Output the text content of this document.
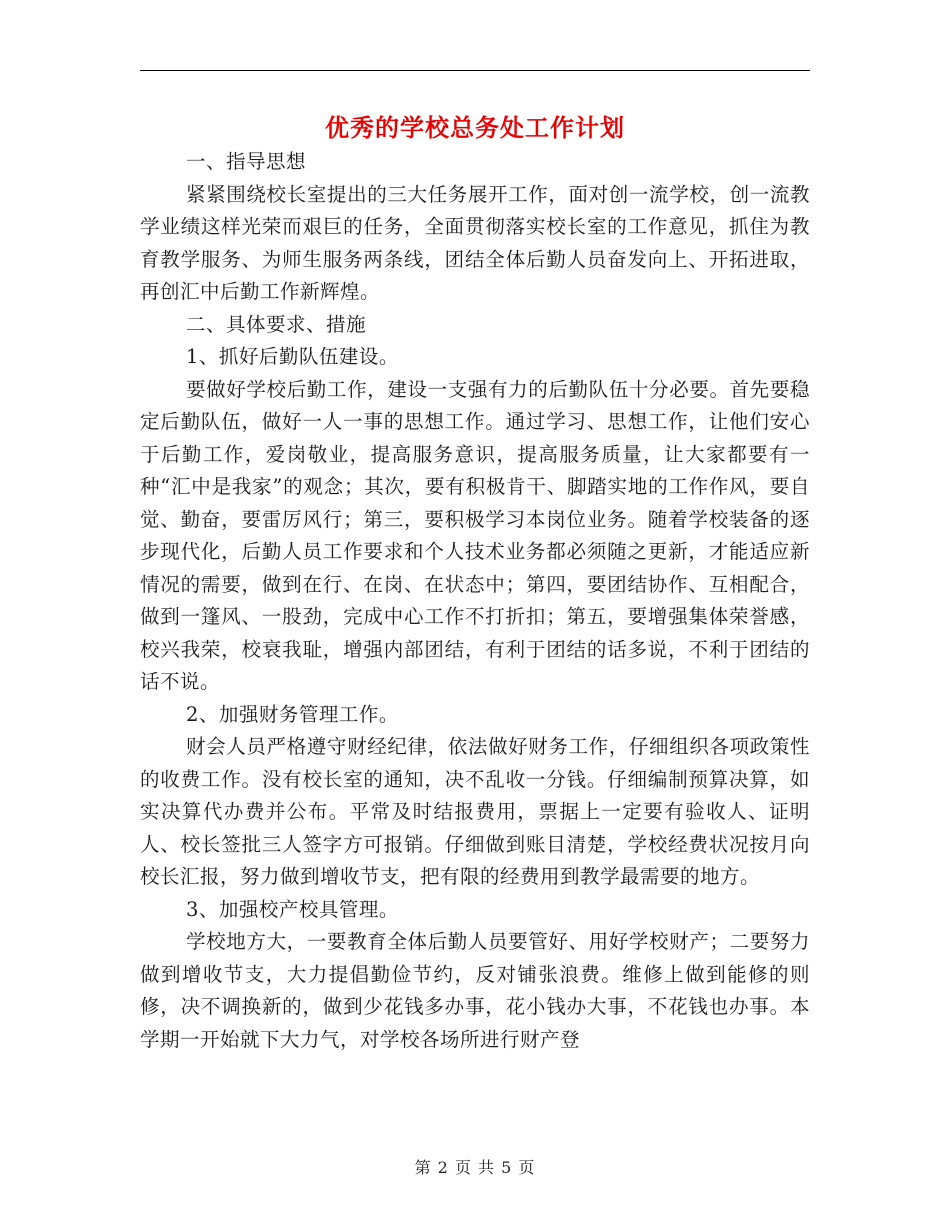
优秀的学校总务处工作计划

一、指导思想

紧紧围绕校长室提出的三大任务展开工作，面对创一流学校，创一流教学业绩这样光荣而艰巨的任务，全面贯彻落实校长室的工作意见，抓住为教育教学服务、为师生服务两条线，团结全体后勤人员奋发向上、开拓进取，再创汇中后勤工作新辉煌。

二、具体要求、措施

1、抓好后勤队伍建设。

要做好学校后勤工作，建设一支强有力的后勤队伍十分必要。首先要稳定后勤队伍，做好一人一事的思想工作。通过学习、思想工作，让他们安心于后勤工作，爱岗敬业，提高服务意识，提高服务质量，让大家都要有一种“汇中是我家”的观念；其次，要有积极肯干、脚踏实地的工作作风，要自觉、勤奋，要雷厉风行；第三，要积极学习本岗位业务。随着学校装备的逐步现代化，后勤人员工作要求和个人技术业务都必须随之更新，才能适应新情况的需要，做到在行、在岗、在状态中；第四，要团结协作、互相配合，做到一篷风、一股劲，完成中心工作不打折扣；第五，要增强集体荣誉感，校兴我荣，校衰我耻，增强内部团结，有利于团结的话多说，不利于团结的话不说。

2、加强财务管理工作。

财会人员严格遵守财经纪律，依法做好财务工作，仔细组织各项政策性的收费工作。没有校长室的通知，决不乱收一分钱。仔细编制预算决算，如实决算代办费并公布。平常及时结报费用，票据上一定要有验收人、证明人、校长签批三人签字方可报销。仔细做到账目清楚，学校经费状况按月向校长汇报，努力做到增收节支，把有限的经费用到教学最需要的地方。

3、加强校产校具管理。

学校地方大，一要教育全体后勤人员要管好、用好学校财产；二要努力做到增收节支，大力提倡勤俭节约，反对铺张浪费。维修上做到能修的则修，决不调换新的，做到少花钱多办事，花小钱办大事，不花钱也办事。本学期一开始就下大力气，对学校各场所进行财产登

第 2 页 共 5 页
